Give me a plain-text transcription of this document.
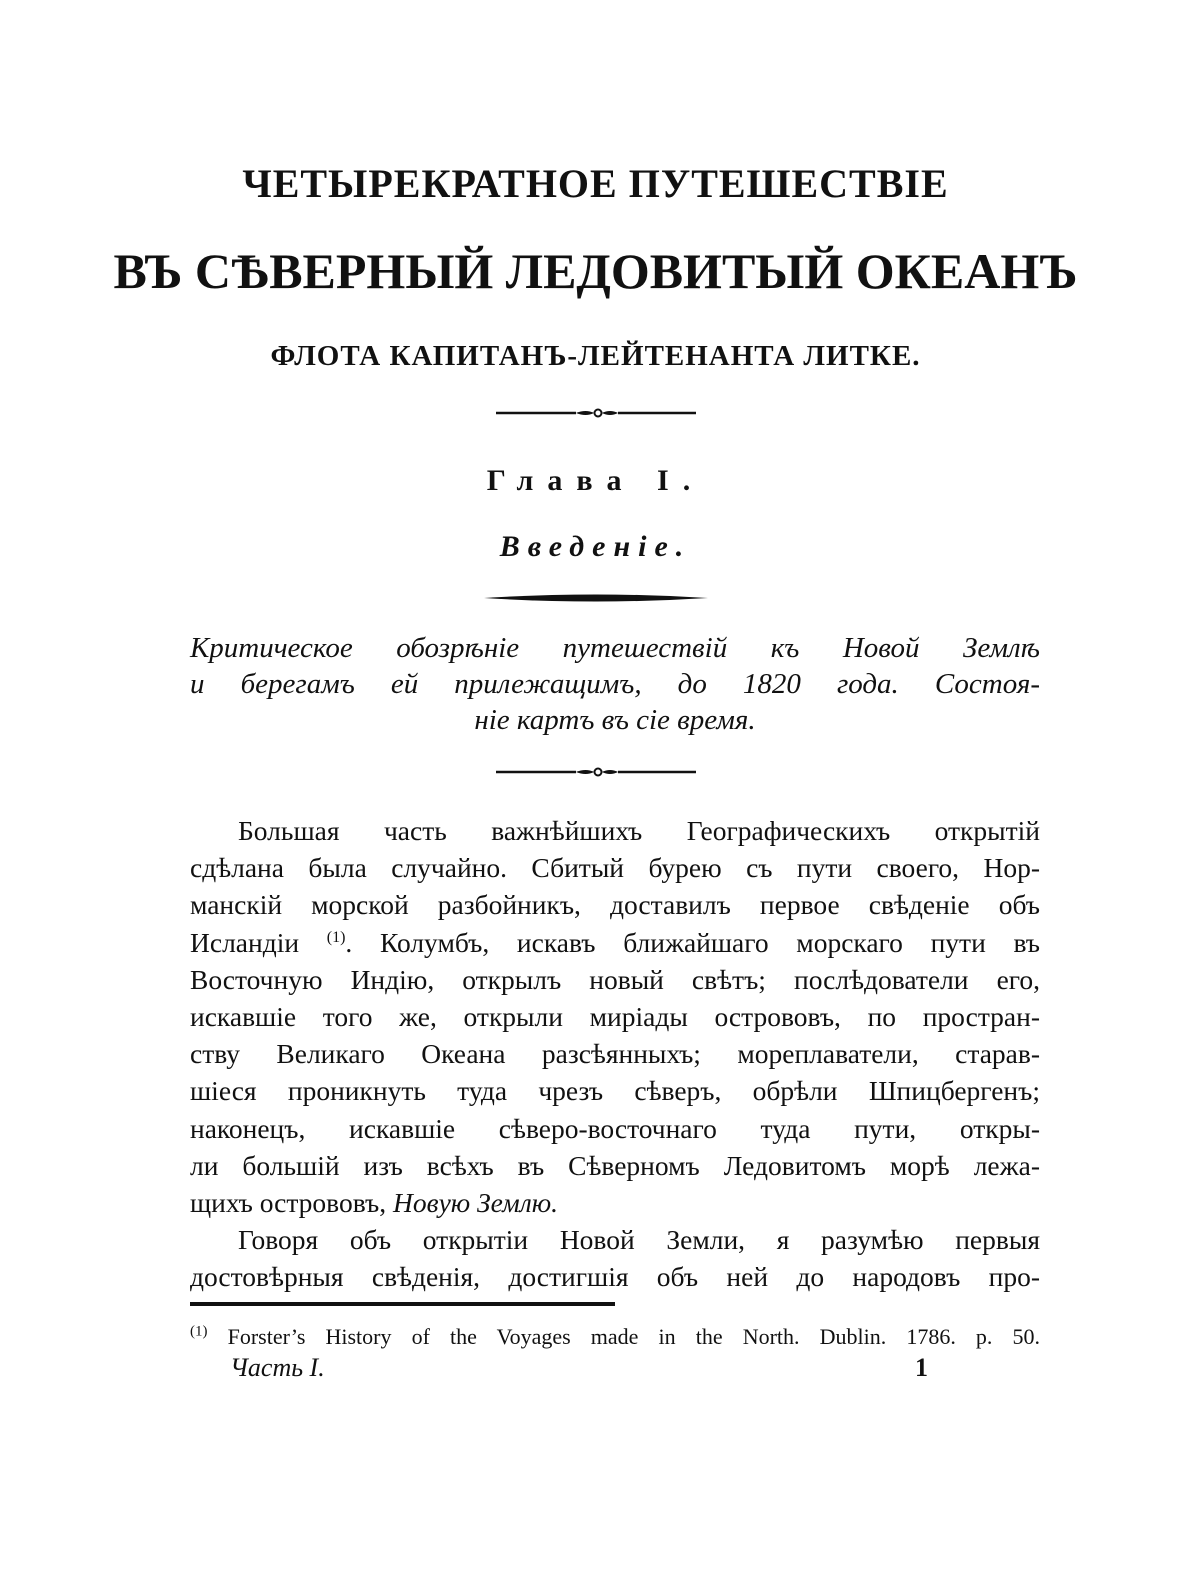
ЧЕТЫРЕКРАТНОЕ ПУТЕШЕСТВІЕ
ВЪ СѢВЕРНЫЙ ЛЕДОВИТЫЙ ОКЕАНЪ
ФЛОТА КАПИТАНЪ-ЛЕЙТЕНАНТА ЛИТКЕ.
Глава I.
Введеніе.
Критическое обозрѣніе путешествій къ Новой Землѣ
и берегамъ ей прилежащимъ, до 1820 года. Состоя-
ніе картъ въ сіе время.
Большая часть важнѣйшихъ Географическихъ открытій
сдѣлана была случайно. Сбитый бурею съ пути своего, Нор-
манскій морской разбойникъ, доставилъ первое свѣденіе объ
Исландіи $^{(1)}$. Колумбъ, искавъ ближайшаго морскаго пути въ
Восточную Индію, открылъ новый свѣтъ; послѣдователи его,
искавшіе того же, открыли миріады острововъ, по простран-
ству Великаго Океана разсѣянныхъ; мореплаватели, старав-
шіеся проникнуть туда чрезъ сѣверъ, обрѣли Шпицбергенъ;
наконецъ, искавшіе сѣверо-восточнаго туда пути, откры-
ли большій изъ всѣхъ въ Сѣверномъ Ледовитомъ морѣ лежа-
щихъ острововъ, Новую Землю.
Говоря объ открытіи Новой Земли, я разумѣю первыя
достовѣрныя свѣденія, достигшія объ ней до народовъ про-
$^{(1)}$ Forster’s History of the Voyages made in the North. Dublin. 1786. p. 50.
Часть I.	1
